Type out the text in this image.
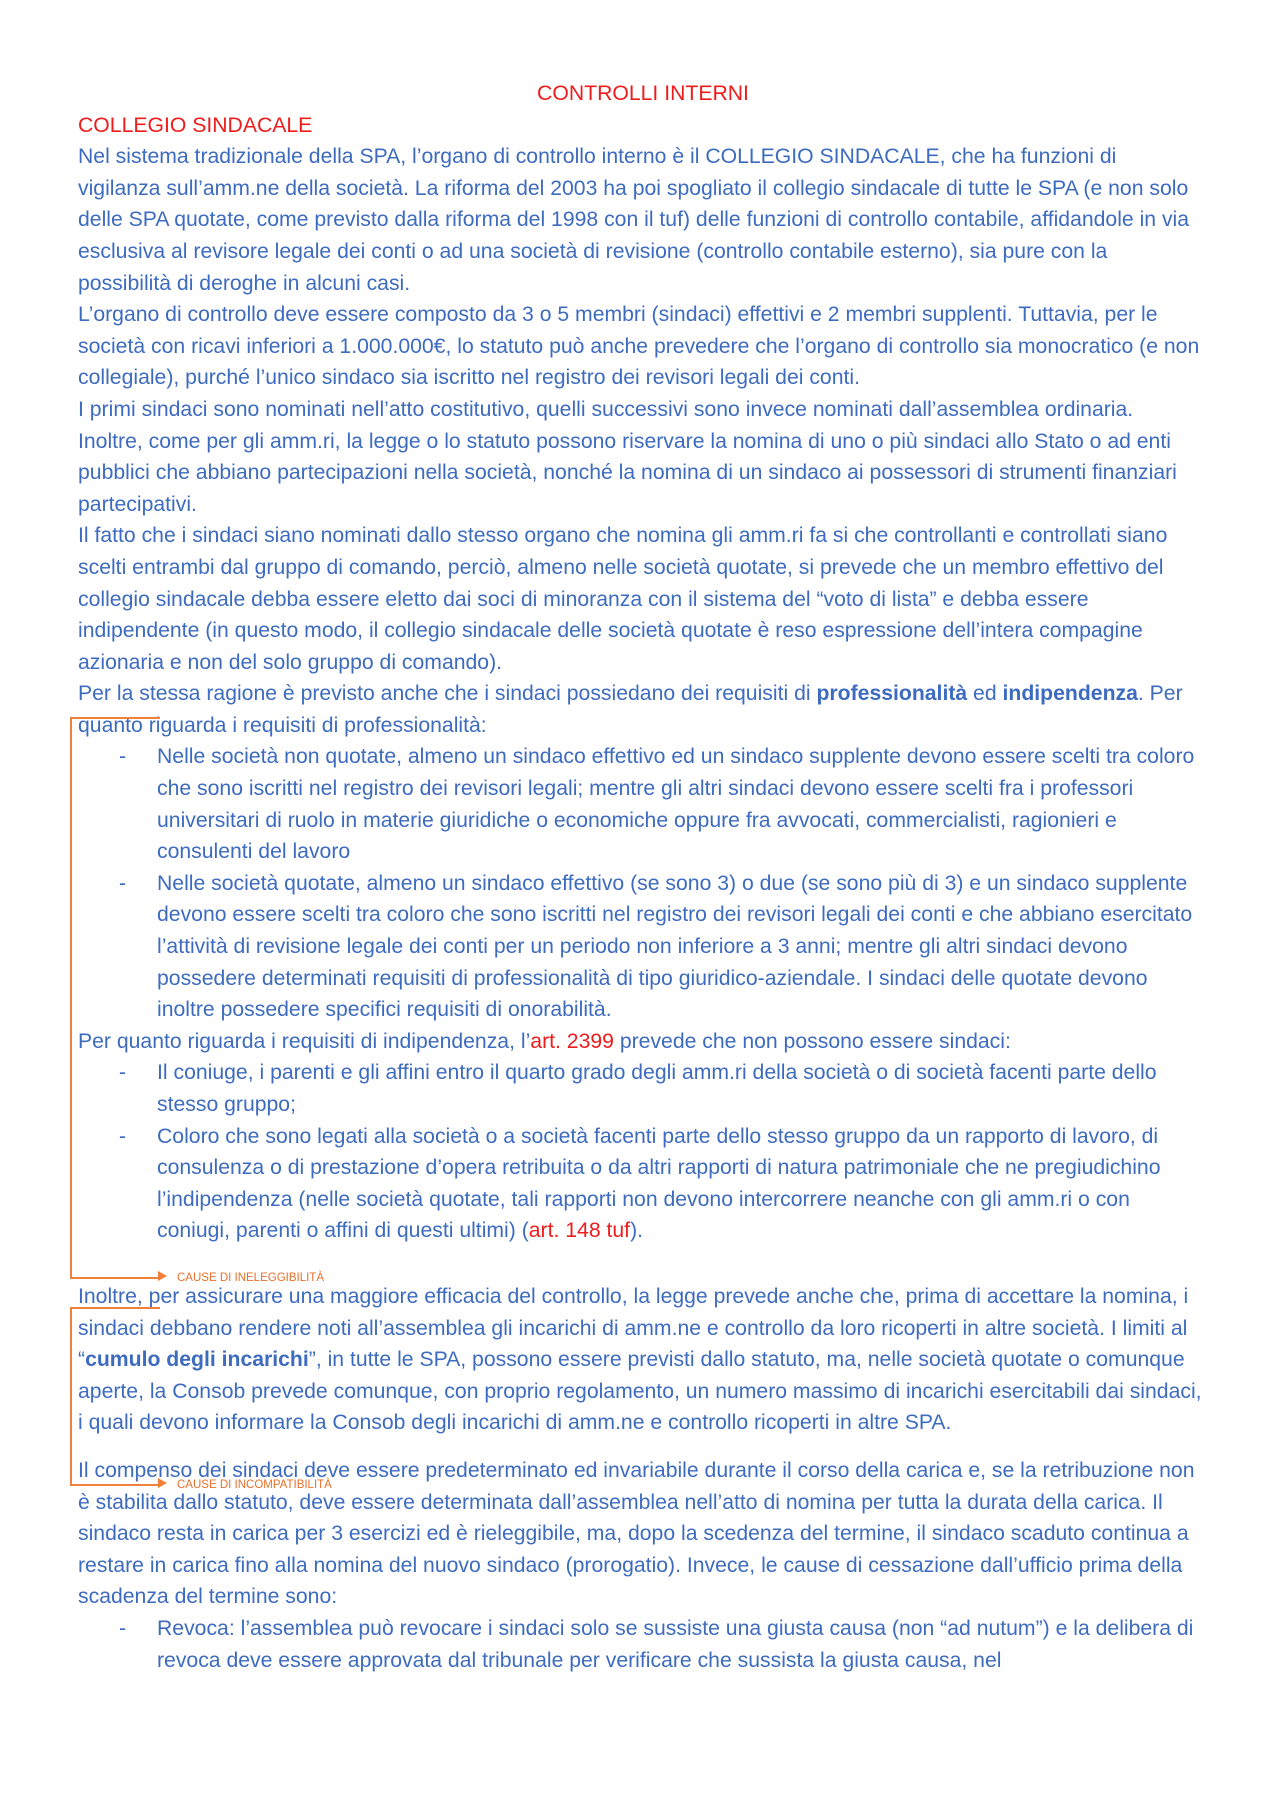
CONTROLLI INTERNI

COLLEGIO SINDACALE

Nel sistema tradizionale della SPA, l’organo di controllo interno è il COLLEGIO SINDACALE, che ha funzioni di vigilanza sull’amm.ne della società. La riforma del 2003 ha poi spogliato il collegio sindacale di tutte le SPA (e non solo delle SPA quotate, come previsto dalla riforma del 1998 con il tuf) delle funzioni di controllo contabile, affidandole in via esclusiva al revisore legale dei conti o ad una società di revisione (controllo contabile esterno), sia pure con la possibilità di deroghe in alcuni casi.

L’organo di controllo deve essere composto da 3 o 5 membri (sindaci) effettivi e 2 membri supplenti. Tuttavia, per le società con ricavi inferiori a 1.000.000€, lo statuto può anche prevedere che l’organo di controllo sia monocratico (e non collegiale), purché l’unico sindaco sia iscritto nel registro dei revisori legali dei conti.

I primi sindaci sono nominati nell’atto costitutivo, quelli successivi sono invece nominati dall’assemblea ordinaria. Inoltre, come per gli amm.ri, la legge o lo statuto possono riservare la nomina di uno o più sindaci allo Stato o ad enti pubblici che abbiano partecipazioni nella società, nonché la nomina di un sindaco ai possessori di strumenti finanziari partecipativi.

Il fatto che i sindaci siano nominati dallo stesso organo che nomina gli amm.ri fa si che controllanti e controllati siano scelti entrambi dal gruppo di comando, perciò, almeno nelle società quotate, si prevede che un membro effettivo del collegio sindacale debba essere eletto dai soci di minoranza con il sistema del “voto di lista” e debba essere indipendente (in questo modo, il collegio sindacale delle società quotate è reso espressione dell’intera compagine azionaria e non del solo gruppo di comando).

Per la stessa ragione è previsto anche che i sindaci possiedano dei requisiti di professionalità ed indipendenza. Per quanto riguarda i requisiti di professionalità:

- Nelle società non quotate, almeno un sindaco effettivo ed un sindaco supplente devono essere scelti tra coloro che sono iscritti nel registro dei revisori legali; mentre gli altri sindaci devono essere scelti fra i professori universitari di ruolo in materie giuridiche o economiche oppure fra avvocati, commercialisti, ragionieri e consulenti del lavoro
- Nelle società quotate, almeno un sindaco effettivo (se sono 3) o due (se sono più di 3) e un sindaco supplente devono essere scelti tra coloro che sono iscritti nel registro dei revisori legali dei conti e che abbiano esercitato l’attività di revisione legale dei conti per un periodo non inferiore a 3 anni; mentre gli altri sindaci devono possedere determinati requisiti di professionalità di tipo giuridico-aziendale. I sindaci delle quotate devono inoltre possedere specifici requisiti di onorabilità.

Per quanto riguarda i requisiti di indipendenza, l’art. 2399 prevede che non possono essere sindaci:

- Il coniuge, i parenti e gli affini entro il quarto grado degli amm.ri della società o di società facenti parte dello stesso gruppo;
- Coloro che sono legati alla società o a società facenti parte dello stesso gruppo da un rapporto di lavoro, di consulenza o di prestazione d’opera retribuita o da altri rapporti di natura patrimoniale che ne pregiudichino l’indipendenza (nelle società quotate, tali rapporti non devono intercorrere neanche con gli amm.ri o con coniugi, parenti o affini di questi ultimi) (art. 148 tuf).

Inoltre, per assicurare una maggiore efficacia del controllo, la legge prevede anche che, prima di accettare la nomina, i sindaci debbano rendere noti all’assemblea gli incarichi di amm.ne e controllo da loro ricoperti in altre società. I limiti al “cumulo degli incarichi”, in tutte le SPA, possono essere previsti dallo statuto, ma, nelle società quotate o comunque aperte, la Consob prevede comunque, con proprio regolamento, un numero massimo di incarichi esercitabili dai sindaci, i quali devono informare la Consob degli incarichi di amm.ne e controllo ricoperti in altre SPA.

Il compenso dei sindaci deve essere predeterminato ed invariabile durante il corso della carica e, se la retribuzione non è stabilita dallo statuto, deve essere determinata dall’assemblea nell’atto di nomina per tutta la durata della carica. Il sindaco resta in carica per 3 esercizi ed è rieleggibile, ma, dopo la scedenza del termine, il sindaco scaduto continua a restare in carica fino alla nomina del nuovo sindaco (prorogatio). Invece, le cause di cessazione dall’ufficio prima della scadenza del termine sono:

- Revoca: l’assemblea può revocare i sindaci solo se sussiste una giusta causa (non “ad nutum”) e la delibera di revoca deve essere approvata dal tribunale per verificare che sussista la giusta causa, nel
CAUSE DI INELEGGIBILITÀ
CAUSE DI INCOMPATIBILITÀ
